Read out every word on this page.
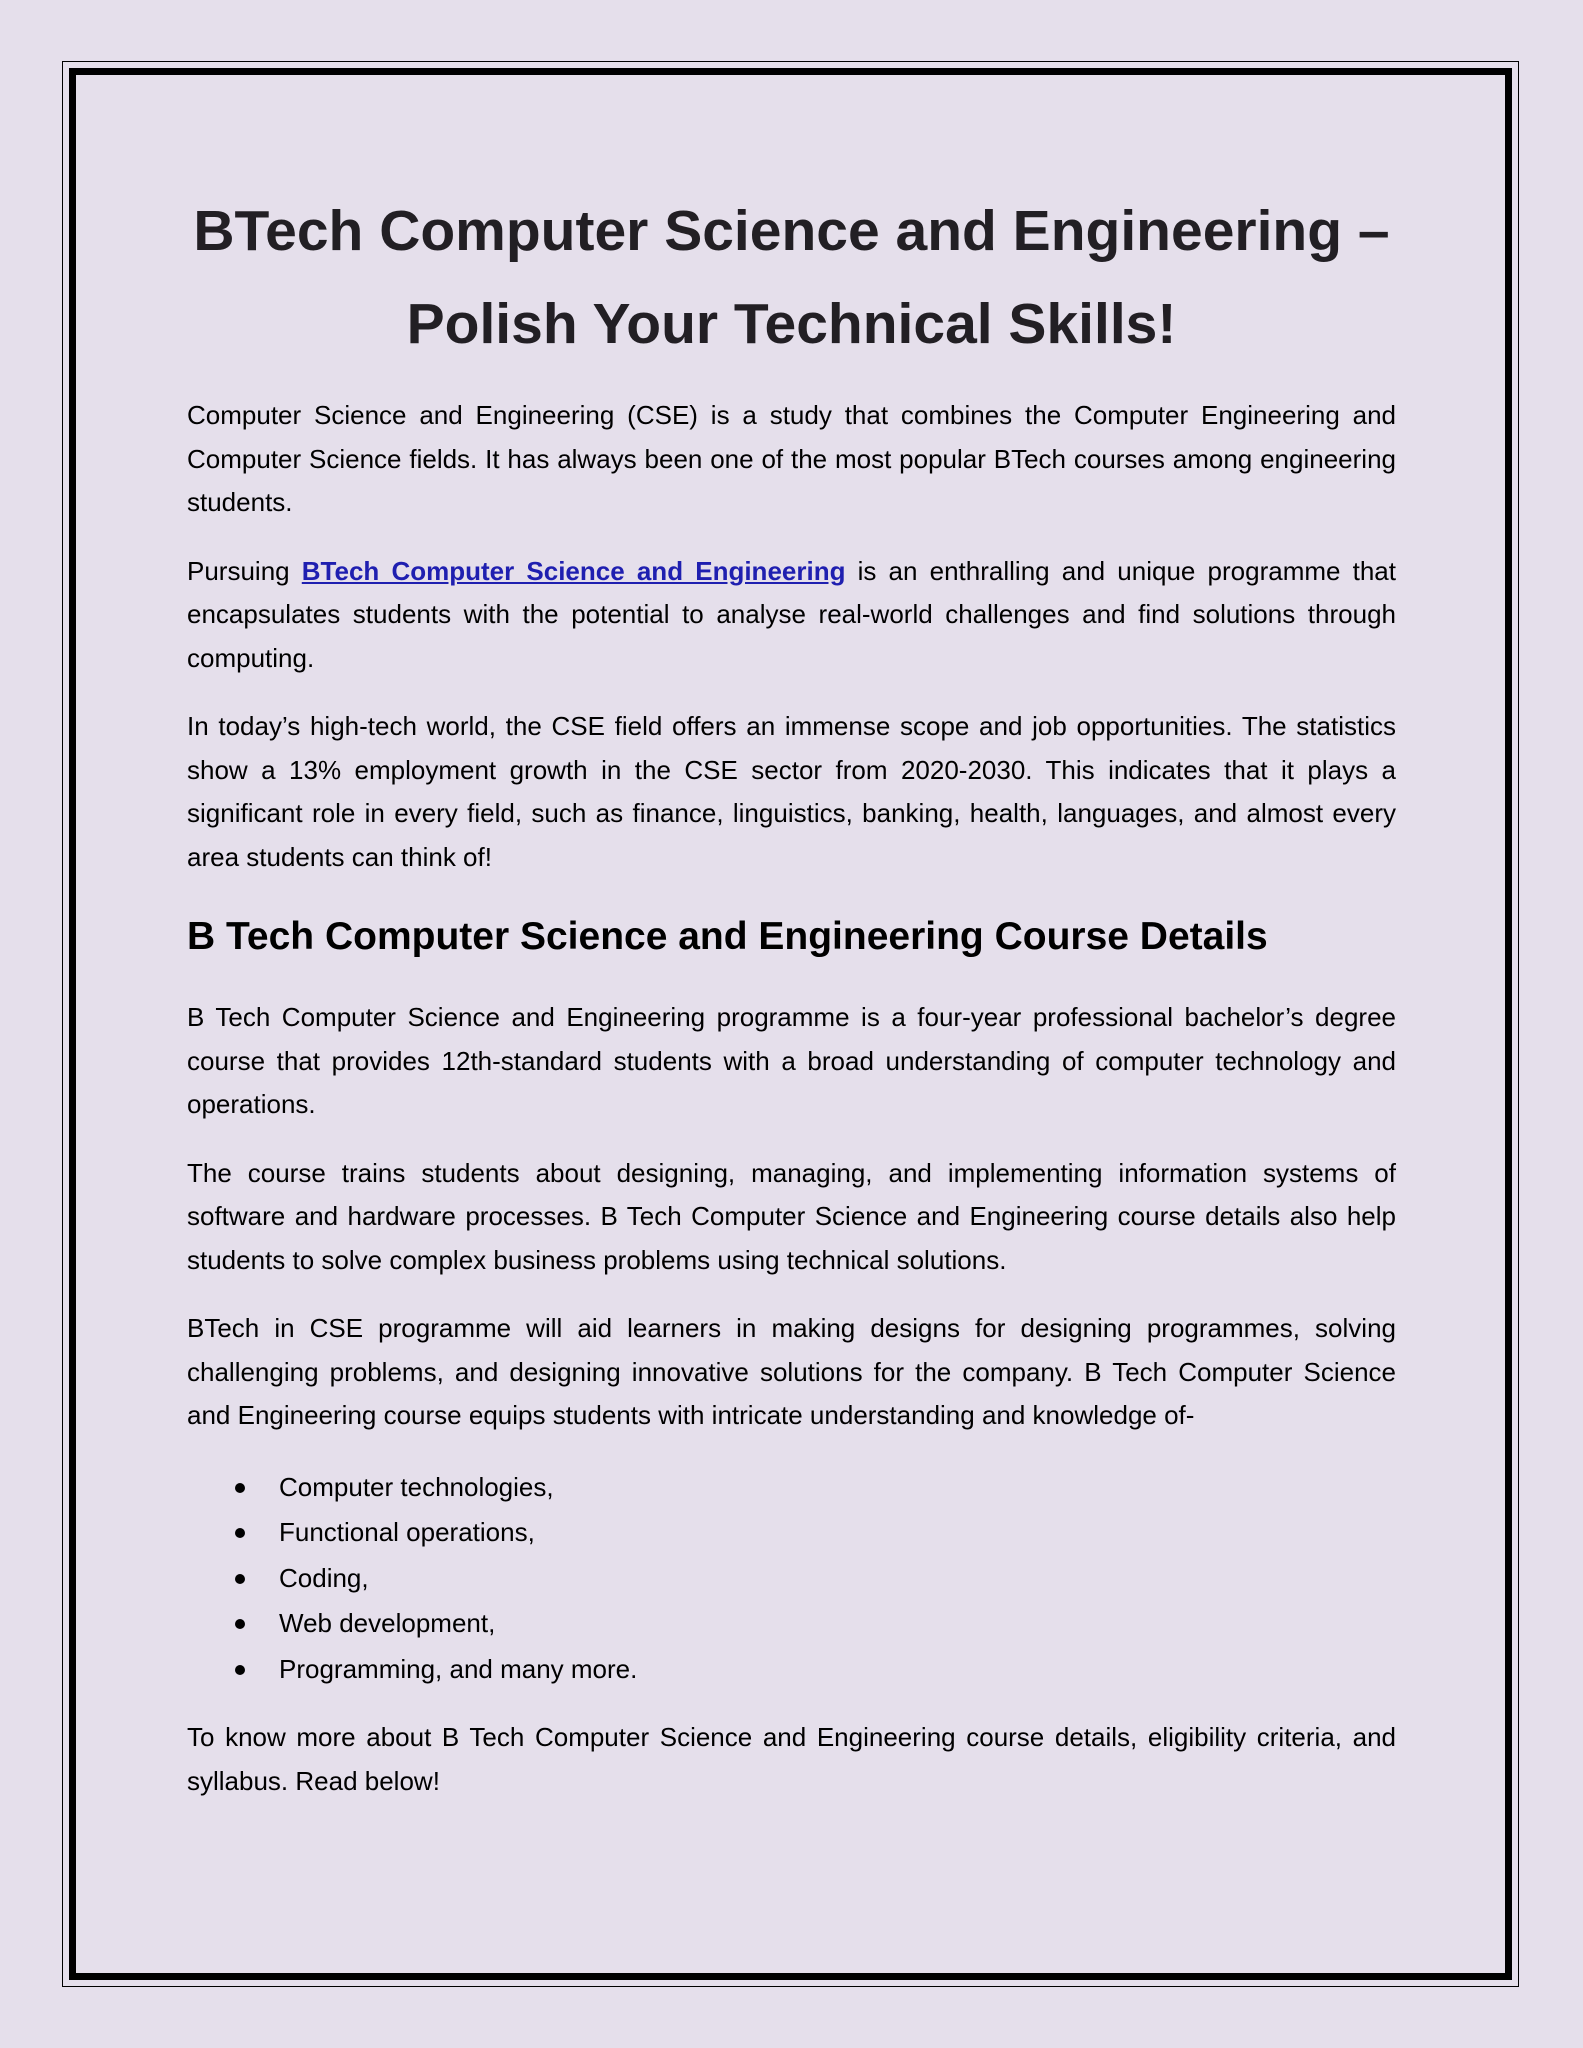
BTech Computer Science and Engineering –
Polish Your Technical Skills!

Computer Science and Engineering (CSE) is a study that combines the Computer Engineering and Computer Science fields. It has always been one of the most popular BTech courses among engineering students.

Pursuing BTech Computer Science and Engineering is an enthralling and unique programme that encapsulates students with the potential to analyse real-world challenges and find solutions through computing.

In today’s high-tech world, the CSE field offers an immense scope and job opportunities. The statistics show a 13% employment growth in the CSE sector from 2020-2030. This indicates that it plays a significant role in every field, such as finance, linguistics, banking, health, languages, and almost every area students can think of!

B Tech Computer Science and Engineering Course Details

B Tech Computer Science and Engineering programme is a four-year professional bachelor’s degree course that provides 12th-standard students with a broad understanding of computer technology and operations.

The course trains students about designing, managing, and implementing information systems of software and hardware processes. B Tech Computer Science and Engineering course details also help students to solve complex business problems using technical solutions.

BTech in CSE programme will aid learners in making designs for designing programmes, solving challenging problems, and designing innovative solutions for the company. B Tech Computer Science and Engineering course equips students with intricate understanding and knowledge of-

Computer technologies,
Functional operations,
Coding,
Web development,
Programming, and many more.

To know more about B Tech Computer Science and Engineering course details, eligibility criteria, and syllabus. Read below!
